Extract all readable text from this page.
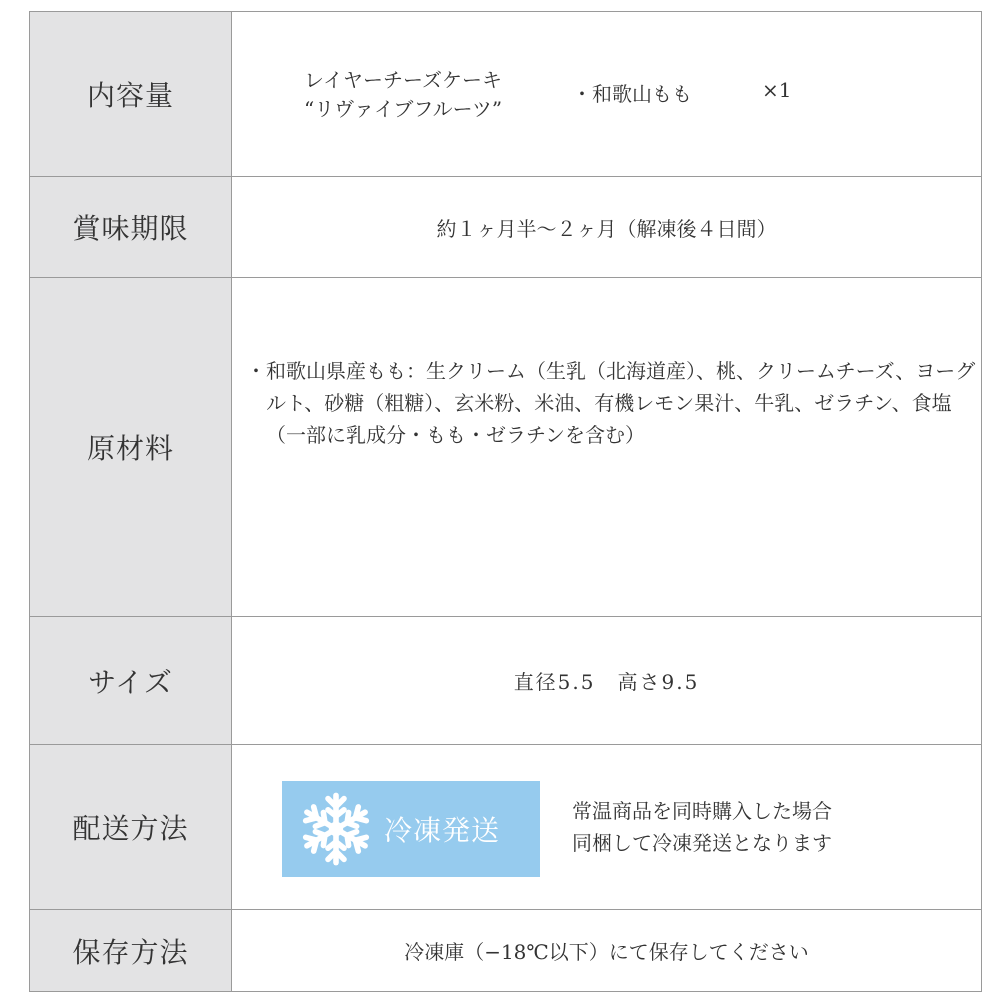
内容量	レイヤーチーズケーキ
“リヴァイブフルーツ”
・和歌山もも ×1

賞味期限	約１ヶ月半〜２ヶ月（解凍後４日間）
原材料	・和歌山県産もも：生クリーム（生乳（北海道産）、桃、クリームチーズ、ヨーグルト、砂糖（粗糖）、玄米粉、米油、有機レモン果汁、牛乳、ゼラチン、食塩（一部に乳成分・もも・ゼラチンを含む）

サイズ	直径5.5　高さ9.5
配送方法	冷凍発送
常温商品を同時購入した場合
同梱して冷凍発送となります

保存方法	冷凍庫（−18℃以下）にて保存してください
